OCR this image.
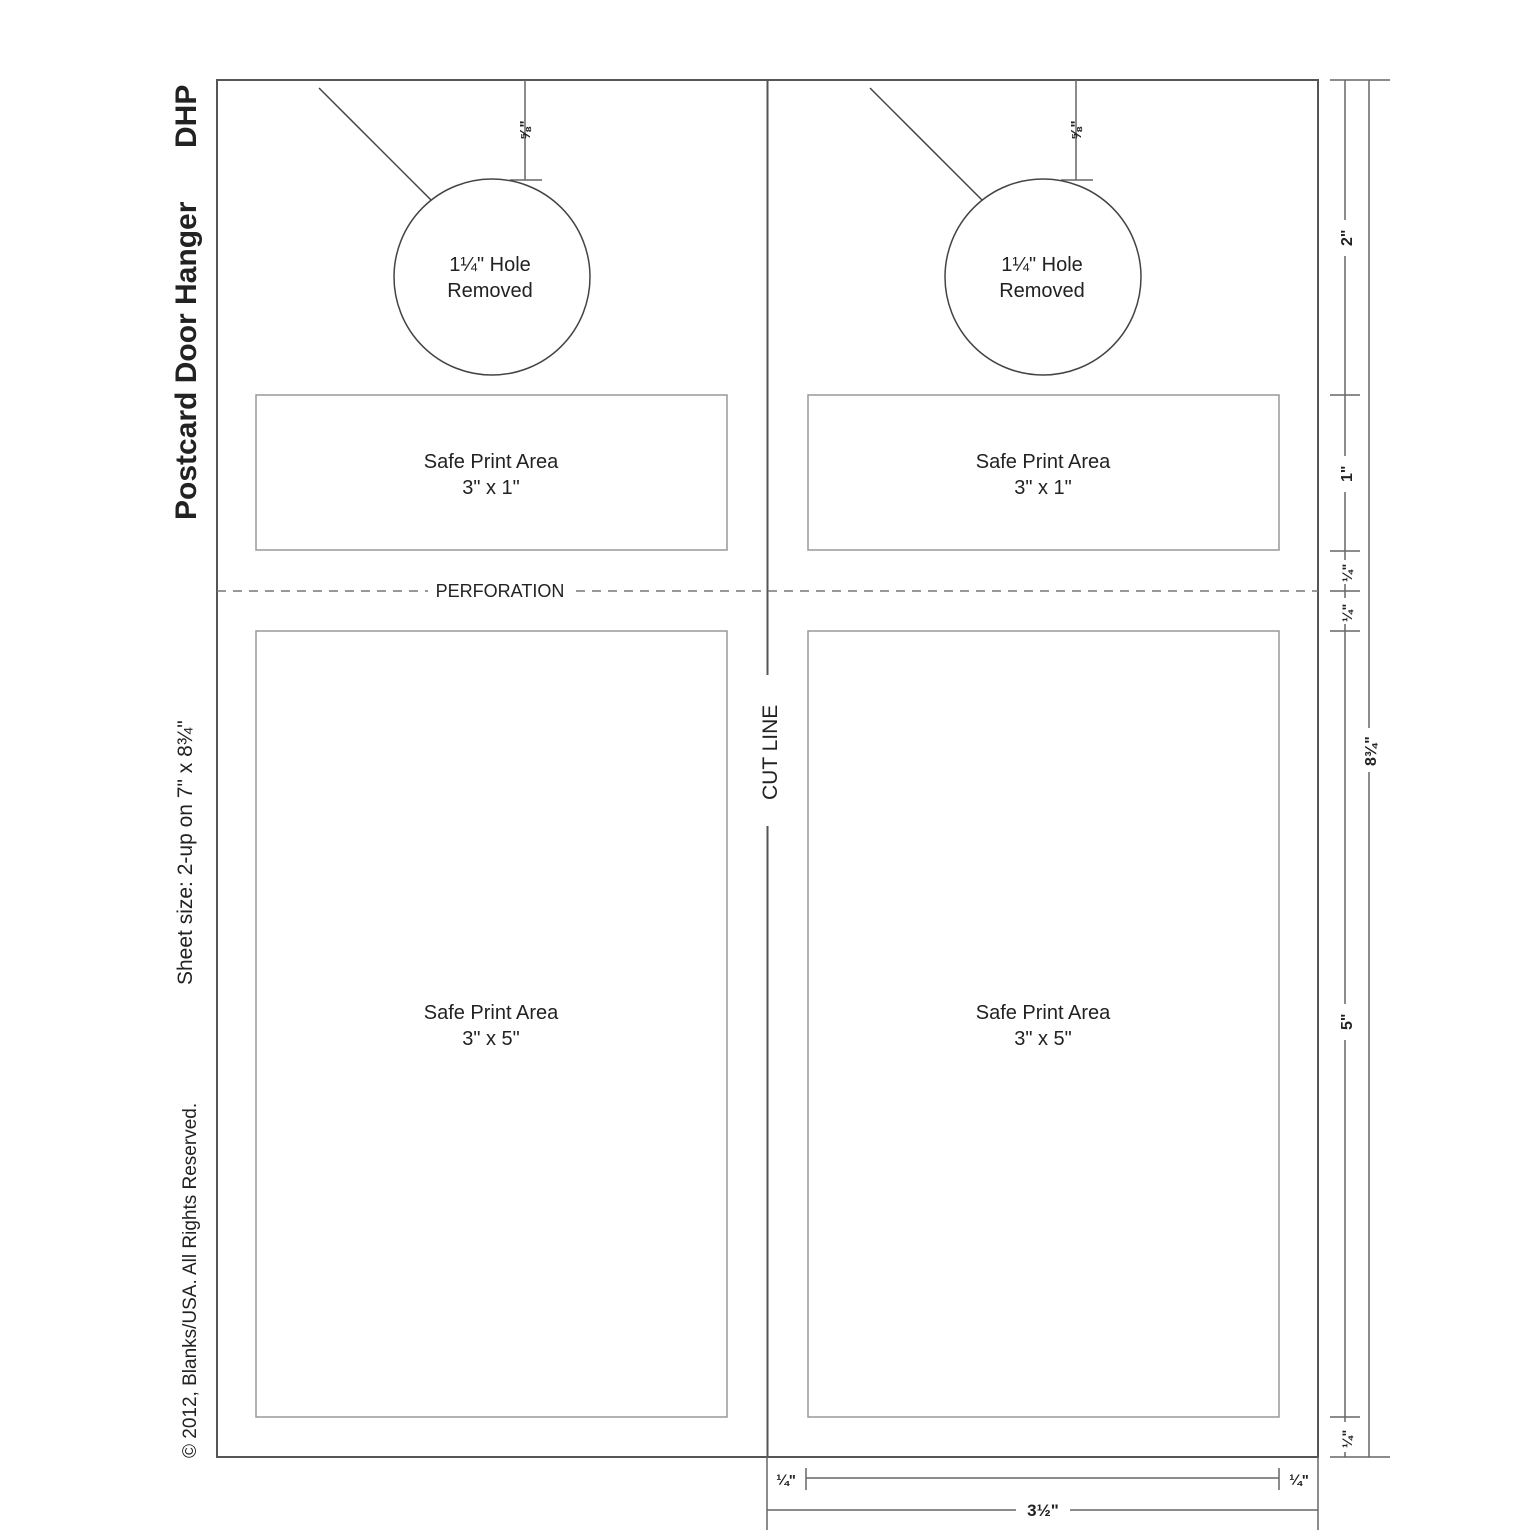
Postcard Door Hanger
DHP
Sheet size: 2-up on 7" x 8¾"
© 2012, Blanks/USA. All Rights Reserved.
CUT LINE
PERFORATION
⅝"
1¼" Hole
Removed
Safe Print Area
3" x 1"
Safe Print Area
3" x 5"
⅝"
1¼" Hole
Removed
Safe Print Area
3" x 1"
Safe Print Area
3" x 5"
2"
1"
¼"
¼"
5"
¼"
8¾"
¼"	¼"
3½"
